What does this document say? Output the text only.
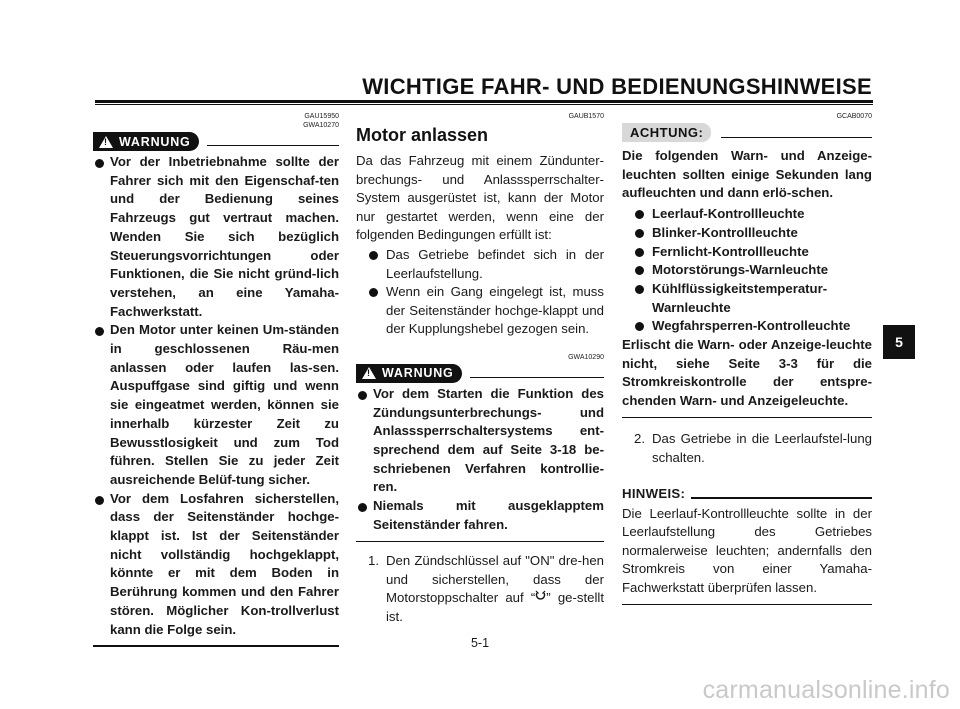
WICHTIGE FAHR- UND BEDIENUNGSHINWEISE
GAU15950
GWA10270
! WARNUNG
Vor der Inbetriebnahme sollte der Fahrer sich mit den Eigenschaf-ten und der Bedienung seines Fahrzeugs gut vertraut machen. Wenden Sie sich bezüglich Steuerungsvorrichtungen oder Funktionen, die Sie nicht gründ-lich verstehen, an eine Yamaha-Fachwerkstatt.
Den Motor unter keinen Um-ständen in geschlossenen Räu-men anlassen oder laufen las-sen. Auspuffgase sind giftig und wenn sie eingeatmet werden, können sie innerhalb kürzester Zeit zu Bewusstlosigkeit und zum Tod führen. Stellen Sie zu jeder Zeit ausreichende Belüf-tung sicher.
Vor dem Losfahren sicherstellen, dass der Seitenständer hochge-klappt ist. Ist der Seitenständer nicht vollständig hochgeklappt, könnte er mit dem Boden in Berührung kommen und den Fahrer stören. Möglicher Kon-trollverlust kann die Folge sein.
GAUB1570
Motor anlassen
Da das Fahrzeug mit einem Zündunter-brechungs- und Anlasssperrschalter-System ausgerüstet ist, kann der Motor nur gestartet werden, wenn eine der folgenden Bedingungen erfüllt ist:
Das Getriebe befindet sich in der Leerlaufstellung.
Wenn ein Gang eingelegt ist, muss der Seitenständer hochge-klappt und der Kupplungshebel gezogen sein.
GWA10290
! WARNUNG
Vor dem Starten die Funktion des Zündungsunterbrechungs- und Anlasssperrschaltersystems ent-sprechend dem auf Seite 3-18 be-schriebenen Verfahren kontrollie-ren.
Niemals mit ausgeklapptem Seitenständer fahren.
1. Den Zündschlüssel auf "ON" dre-hen und sicherstellen, dass der Motorstoppschalter auf “ ” ge-stellt ist.
GCAB0070
ACHTUNG:
Die folgenden Warn- und Anzeige-leuchten sollten einige Sekunden lang aufleuchten und dann erlö-schen.
Leerlauf-Kontrollleuchte
Blinker-Kontrollleuchte
Fernlicht-Kontrollleuchte
Motorstörungs-Warnleuchte
Kühlflüssigkeitstemperatur-Warnleuchte
Wegfahrsperren-Kontrolleuchte
Erlischt die Warn- oder Anzeige-leuchte nicht, siehe Seite 3-3 für die Stromkreiskontrolle der entspre-chenden Warn- und Anzeigeleuchte.
2. Das Getriebe in die Leerlaufstel-lung schalten.
HINWEIS:
Die Leerlauf-Kontrollleuchte sollte in der Leerlaufstellung des Getriebes normalerweise leuchten; andernfalls den Stromkreis von einer Yamaha-Fachwerkstatt überprüfen lassen.
5
5-1
carmanualsonline.info
